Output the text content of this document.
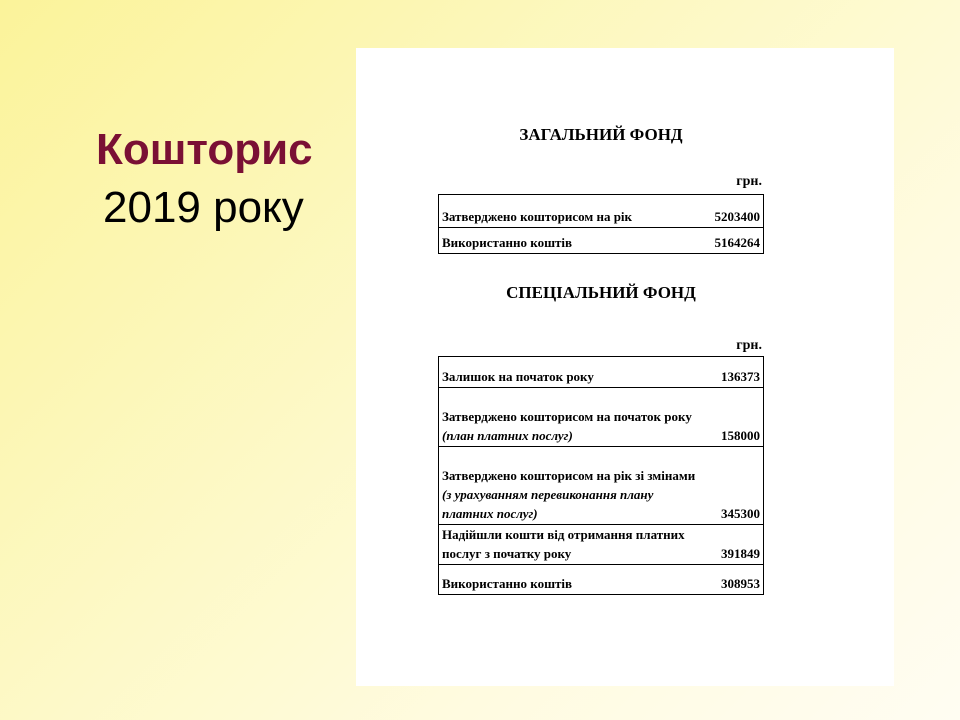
Кошторис
2019 року
ЗАГАЛЬНИЙ ФОНД
грн.
Затверджено кошторисом на рік	5203400
Використанно коштів	5164264
СПЕЦІАЛЬНИЙ ФОНД
грн.
Залишок на початок року	136373
Затверджено кошторисом на початок року (план платних послуг)	158000
Затверджено кошторисом на рік зі змінами (з урахуванням перевиконання плану платних послуг)	345300
Надійшли кошти від отримання платних послуг з початку року	391849
Використанно коштів	308953
